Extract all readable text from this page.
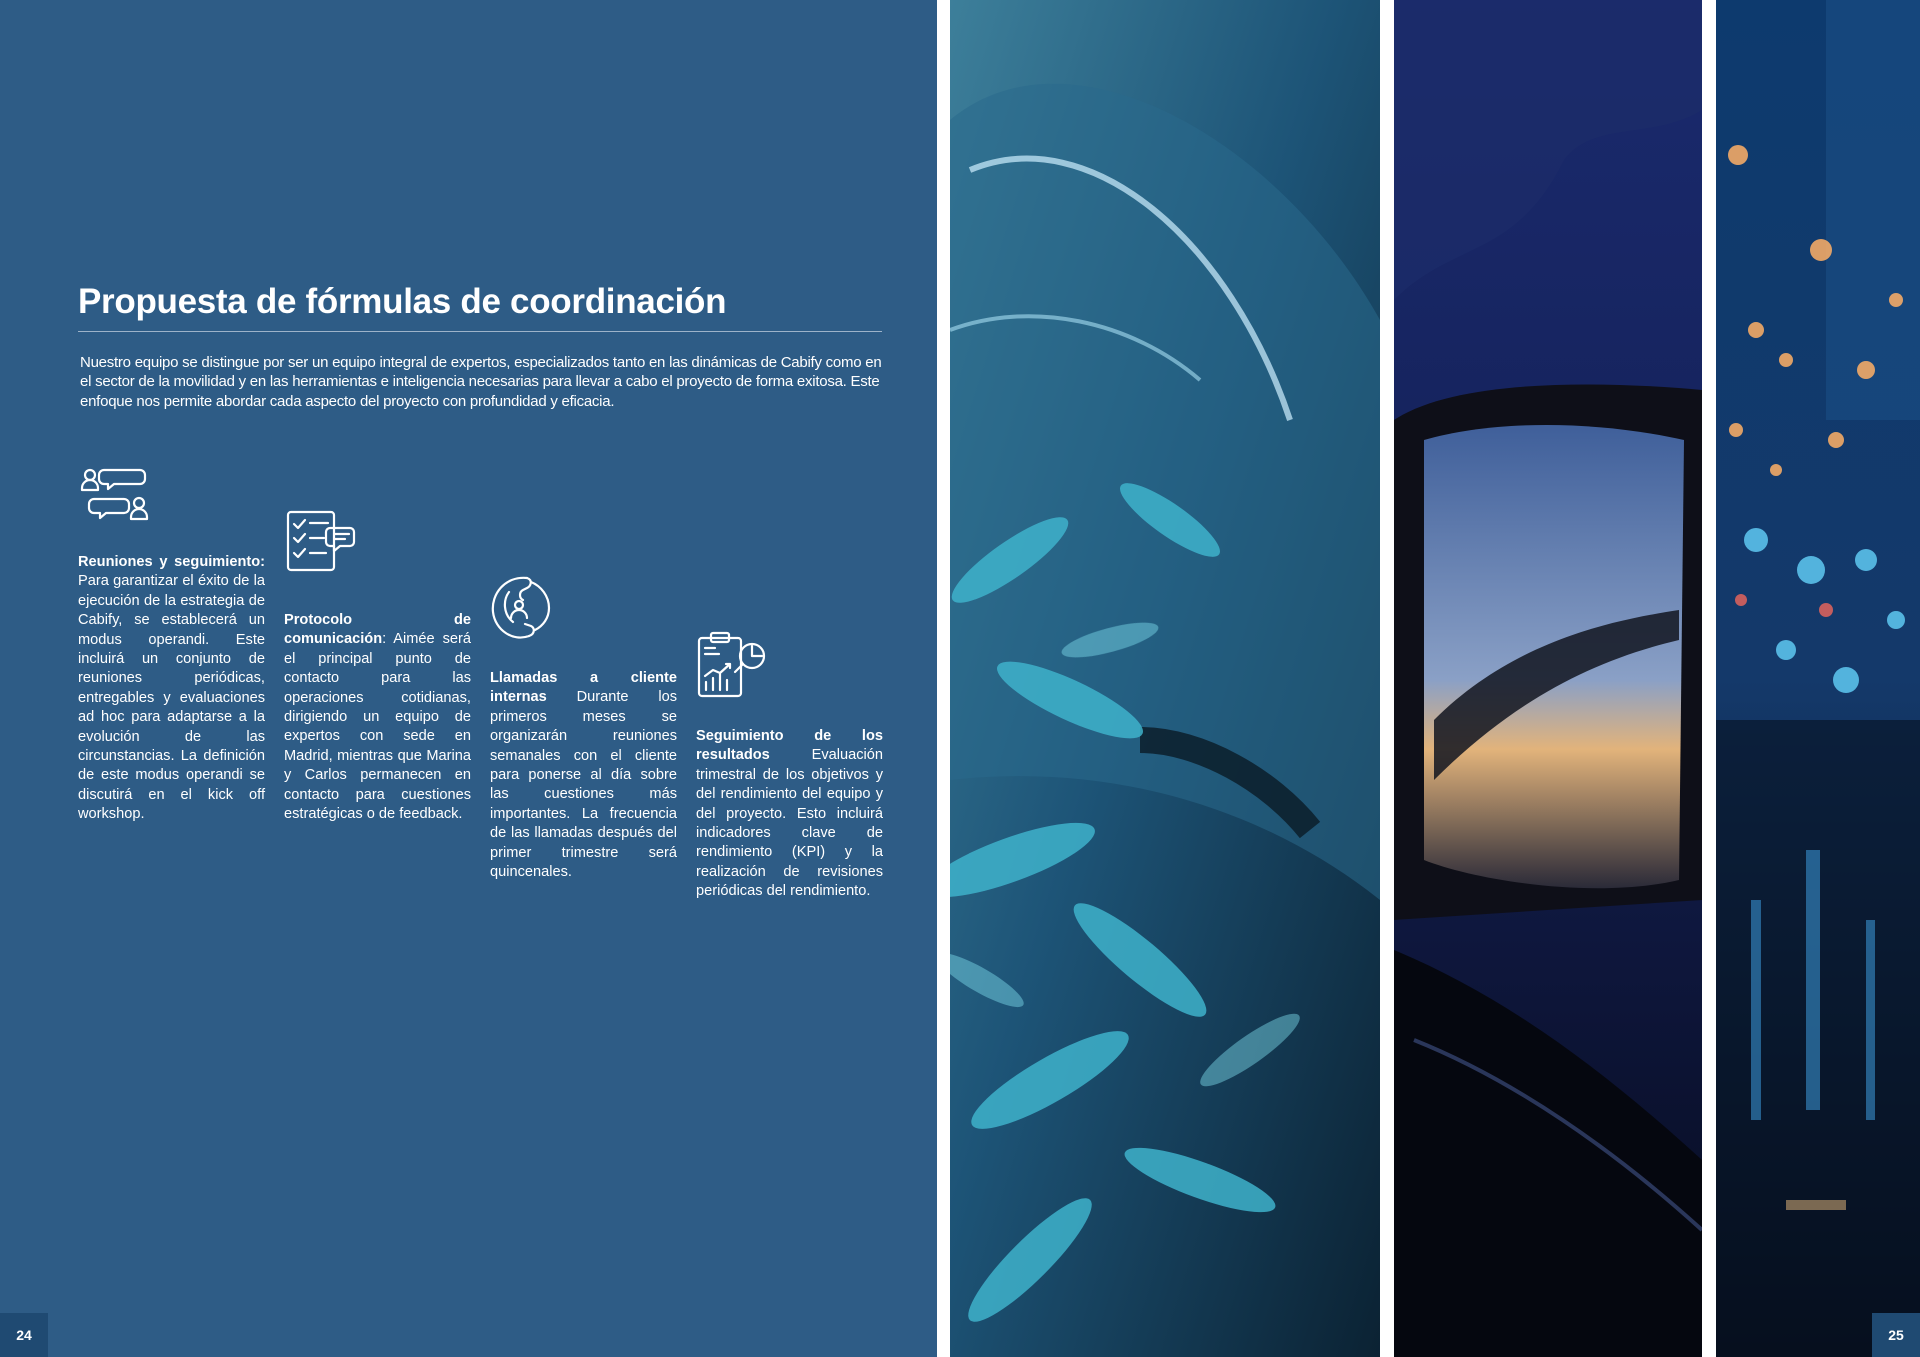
Propuesta de fórmulas de coordinación

Nuestro equipo se distingue por ser un equipo integral de expertos, especializados tanto en las dinámicas de Cabify como en el sector de la movilidad y en las herramientas e inteligencia necesarias para llevar a cabo el proyecto de forma exitosa. Este enfoque nos permite abordar cada aspecto del proyecto con profundidad y eficacia.

Reuniones y seguimiento: Para garantizar el éxito de la ejecución de la estrategia de Cabify, se establecerá un modus operandi. Este incluirá un conjunto de reuniones periódicas, entregables y evaluaciones ad hoc para adaptarse a la evolución de las circunstancias. La definición de este modus operandi se discutirá en el kick off workshop.

Protocolo de comunicación: Aimée será el principal punto de contacto para las operaciones cotidianas, dirigiendo un equipo de expertos con sede en Madrid, mientras que Marina y Carlos permanecen en contacto para cuestiones estratégicas o de feedback.

Llamadas a cliente internas Durante los primeros meses se organizarán reuniones semanales con el cliente para ponerse al día sobre las cuestiones más importantes. La frecuencia de las llamadas después del primer trimestre será quincenales.

Seguimiento de los resultados Evaluación trimestral de los objetivos y del rendimiento del equipo y del proyecto. Esto incluirá indicadores clave de rendimiento (KPI) y la realización de revisiones periódicas del rendimiento.

24	25
